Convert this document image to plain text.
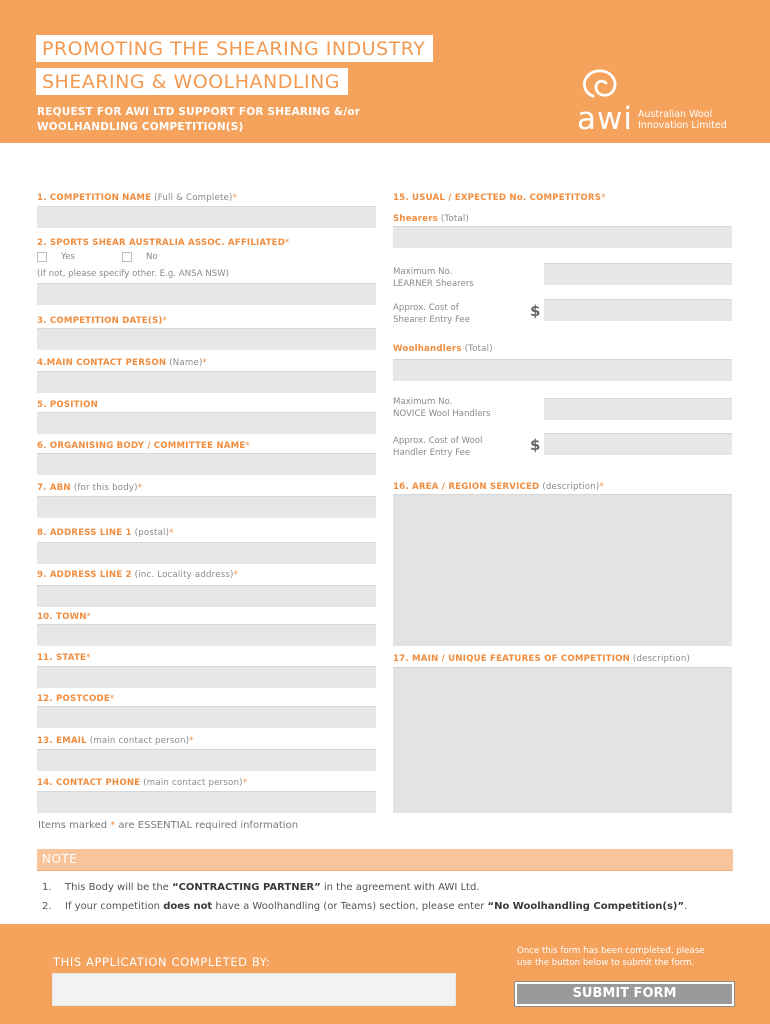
PROMOTING THE SHEARING INDUSTRY
SHEARING & WOOLHANDLING
REQUEST FOR AWI LTD SUPPORT FOR SHEARING &/or
WOOLHANDLING COMPETITION(S)	awi Australian Wool
Innovation Limited
1. COMPETITION NAME (Full & Complete)*
2. SPORTS SHEAR AUSTRALIA ASSOC. AFFILIATED*
Yes	No
(If not, please specify other. E.g. ANSA NSW)
3. COMPETITION DATE(S)*
4.MAIN CONTACT PERSON (Name)*
5. POSITION
6. ORGANISING BODY / COMMITTEE NAME*
7. ABN (for this body)*
8. ADDRESS LINE 1 (postal)*
9. ADDRESS LINE 2 (inc. Locality address)*
10. TOWN*
11. STATE*
12. POSTCODE*
13. EMAIL (main contact person)*
14. CONTACT PHONE (main contact person)*
15. USUAL / EXPECTED No. COMPETITORS*
Shearers (Total)
Maximum No.
LEARNER Shearers
Approx. Cost of
Shearer Entry Fee	$
Woolhandlers (Total)
Maximum No.
NOVICE Wool Handlers
Approx. Cost of Wool
Handler Entry Fee	$
16. AREA / REGION SERVICED (description)*
17. MAIN / UNIQUE FEATURES OF COMPETITION (description)
Items marked * are ESSENTIAL required information
NOTE
1. This Body will be the “CONTRACTING PARTNER” in the agreement with AWI Ltd.
2. If your competition does not have a Woolhandling (or Teams) section, please enter “No Woolhandling Competition(s)”.
THIS APPLICATION COMPLETED BY:
Once this form has been completed, please
use the button below to submit the form.
SUBMIT FORM
